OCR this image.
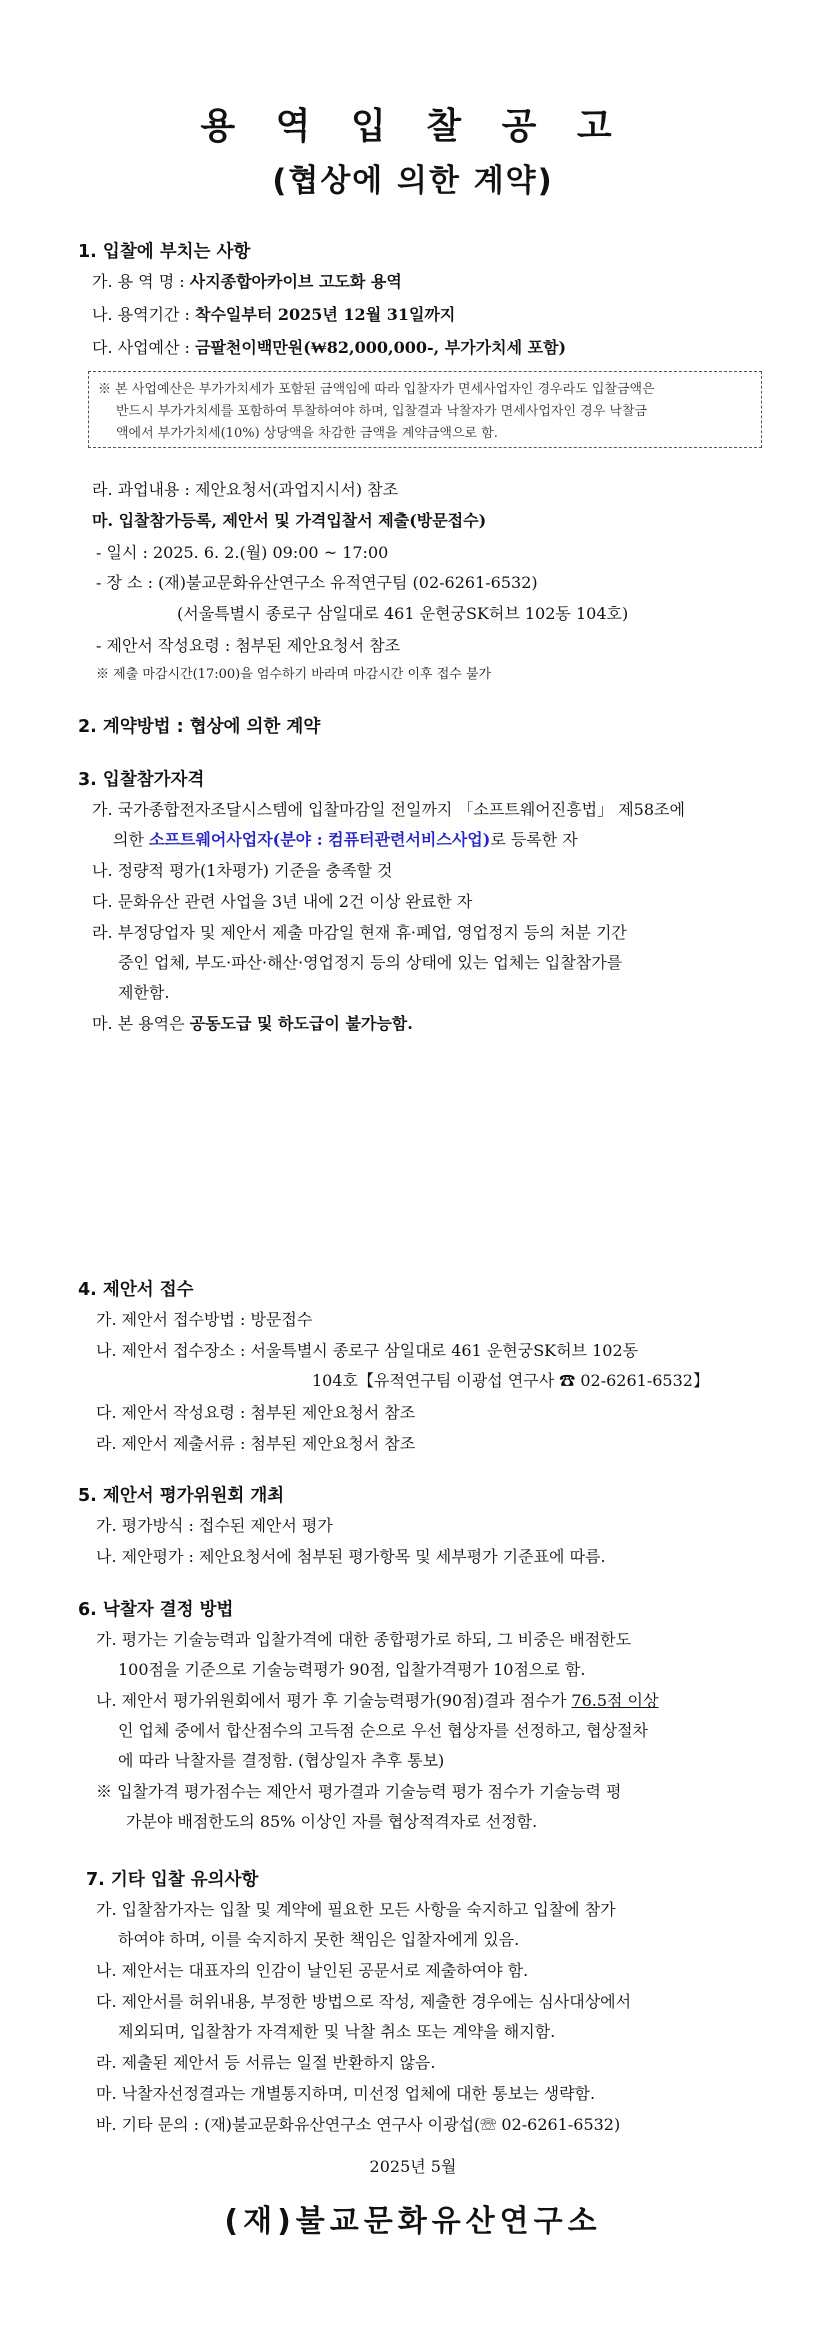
용 역 입 찰 공 고
(협상에 의한 계약)
1. 입찰에 부치는 사항
가. 용 역 명 : 사지종합아카이브 고도화 용역
나. 용역기간 : 착수일부터 2025년 12월 31일까지
다. 사업예산 : 금팔천이백만원(₩82,000,000-, 부가가치세 포함)
※ 본 사업예산은 부가가치세가 포함된 금액임에 따라 입찰자가 면세사업자인 경우라도 입찰금액은
반드시 부가가치세를 포함하여 투찰하여야 하며, 입찰결과 낙찰자가 면세사업자인 경우 낙찰금
액에서 부가가치세(10%) 상당액을 차감한 금액을 계약금액으로 함.
라. 과업내용 : 제안요청서(과업지시서) 참조
마. 입찰참가등록, 제안서 및 가격입찰서 제출(방문접수)
- 일시 : 2025. 6. 2.(월) 09:00 ~ 17:00
- 장 소 : (재)불교문화유산연구소 유적연구팀 (02-6261-6532)
(서울특별시 종로구 삼일대로 461 운현궁SK허브 102동 104호)
- 제안서 작성요령 : 첨부된 제안요청서 참조
※ 제출 마감시간(17:00)을 엄수하기 바라며 마감시간 이후 접수 불가
2. 계약방법 : 협상에 의한 계약
3. 입찰참가자격
가. 국가종합전자조달시스템에 입찰마감일 전일까지 「소프트웨어진흥법」 제58조에
의한 소프트웨어사업자(분야 : 컴퓨터관련서비스사업)로 등록한 자
나. 정량적 평가(1차평가) 기준을 충족할 것
다. 문화유산 관련 사업을 3년 내에 2건 이상 완료한 자
라. 부정당업자 및 제안서 제출 마감일 현재 휴·폐업, 영업정지 등의 처분 기간
중인 업체, 부도·파산·해산·영업정지 등의 상태에 있는 업체는 입찰참가를
제한함.
마. 본 용역은 공동도급 및 하도급이 불가능함.
4. 제안서 접수
가. 제안서 접수방법 : 방문접수
나. 제안서 접수장소 : 서울특별시 종로구 삼일대로 461 운현궁SK허브 102동
104호【유적연구팀 이광섭 연구사 ☎ 02-6261-6532】
다. 제안서 작성요령 : 첨부된 제안요청서 참조
라. 제안서 제출서류 : 첨부된 제안요청서 참조
5. 제안서 평가위원회 개최
가. 평가방식 : 접수된 제안서 평가
나. 제안평가 : 제안요청서에 첨부된 평가항목 및 세부평가 기준표에 따름.
6. 낙찰자 결정 방법
가. 평가는 기술능력과 입찰가격에 대한 종합평가로 하되, 그 비중은 배점한도
100점을 기준으로 기술능력평가 90점, 입찰가격평가 10점으로 함.
나. 제안서 평가위원회에서 평가 후 기술능력평가(90점)결과 점수가 76.5점 이상
인 업체 중에서 합산점수의 고득점 순으로 우선 협상자를 선정하고, 협상절차
에 따라 낙찰자를 결정함. (협상일자 추후 통보)
※ 입찰가격 평가점수는 제안서 평가결과 기술능력 평가 점수가 기술능력 평
가분야 배점한도의 85% 이상인 자를 협상적격자로 선정함.
7. 기타 입찰 유의사항
가. 입찰참가자는 입찰 및 계약에 필요한 모든 사항을 숙지하고 입찰에 참가
하여야 하며, 이를 숙지하지 못한 책임은 입찰자에게 있음.
나. 제안서는 대표자의 인감이 날인된 공문서로 제출하여야 함.
다. 제안서를 허위내용, 부정한 방법으로 작성, 제출한 경우에는 심사대상에서
제외되며, 입찰참가 자격제한 및 낙찰 취소 또는 계약을 해지함.
라. 제출된 제안서 등 서류는 일절 반환하지 않음.
마. 낙찰자선정결과는 개별통지하며, 미선정 업체에 대한 통보는 생략함.
바. 기타 문의 : (재)불교문화유산연구소 연구사 이광섭(☏ 02-6261-6532)
2025년 5월
(재)불교문화유산연구소
